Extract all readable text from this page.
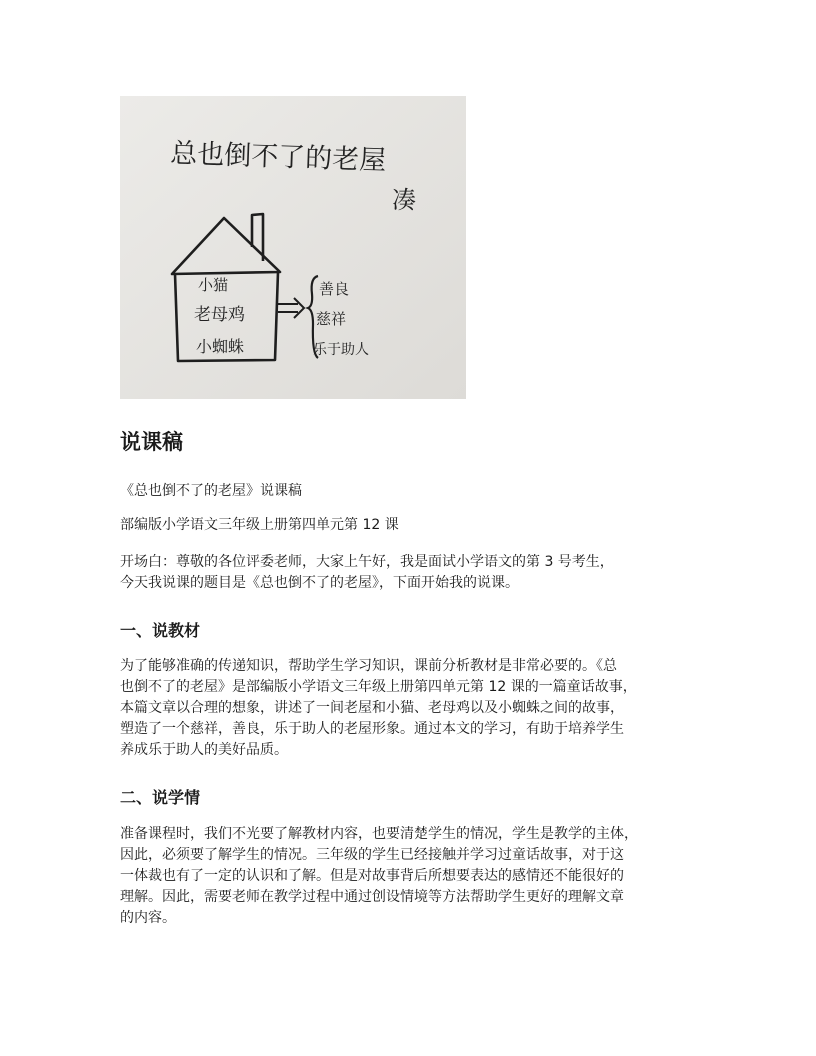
总也倒不了的老屋
凑
小猫
老母鸡
小蜘蛛
善良
慈祥
乐于助人
说课稿

《总也倒不了的老屋》说课稿

部编版小学语文三年级上册第四单元第 12 课

开场白：尊敬的各位评委老师，大家上午好，我是面试小学语文的第 3 号考生，
今天我说课的题目是《总也倒不了的老屋》，下面开始我的说课。

一、说教材

为了能够准确的传递知识，帮助学生学习知识，课前分析教材是非常必要的。《总
也倒不了的老屋》是部编版小学语文三年级上册第四单元第 12 课的一篇童话故事，
本篇文章以合理的想象，讲述了一间老屋和小猫、老母鸡以及小蜘蛛之间的故事，
塑造了一个慈祥，善良，乐于助人的老屋形象。通过本文的学习，有助于培养学生
养成乐于助人的美好品质。

二、说学情

准备课程时，我们不光要了解教材内容，也要清楚学生的情况，学生是教学的主体，
因此，必须要了解学生的情况。三年级的学生已经接触并学习过童话故事，对于这
一体裁也有了一定的认识和了解。但是对故事背后所想要表达的感情还不能很好的
理解。因此，需要老师在教学过程中通过创设情境等方法帮助学生更好的理解文章
的内容。
